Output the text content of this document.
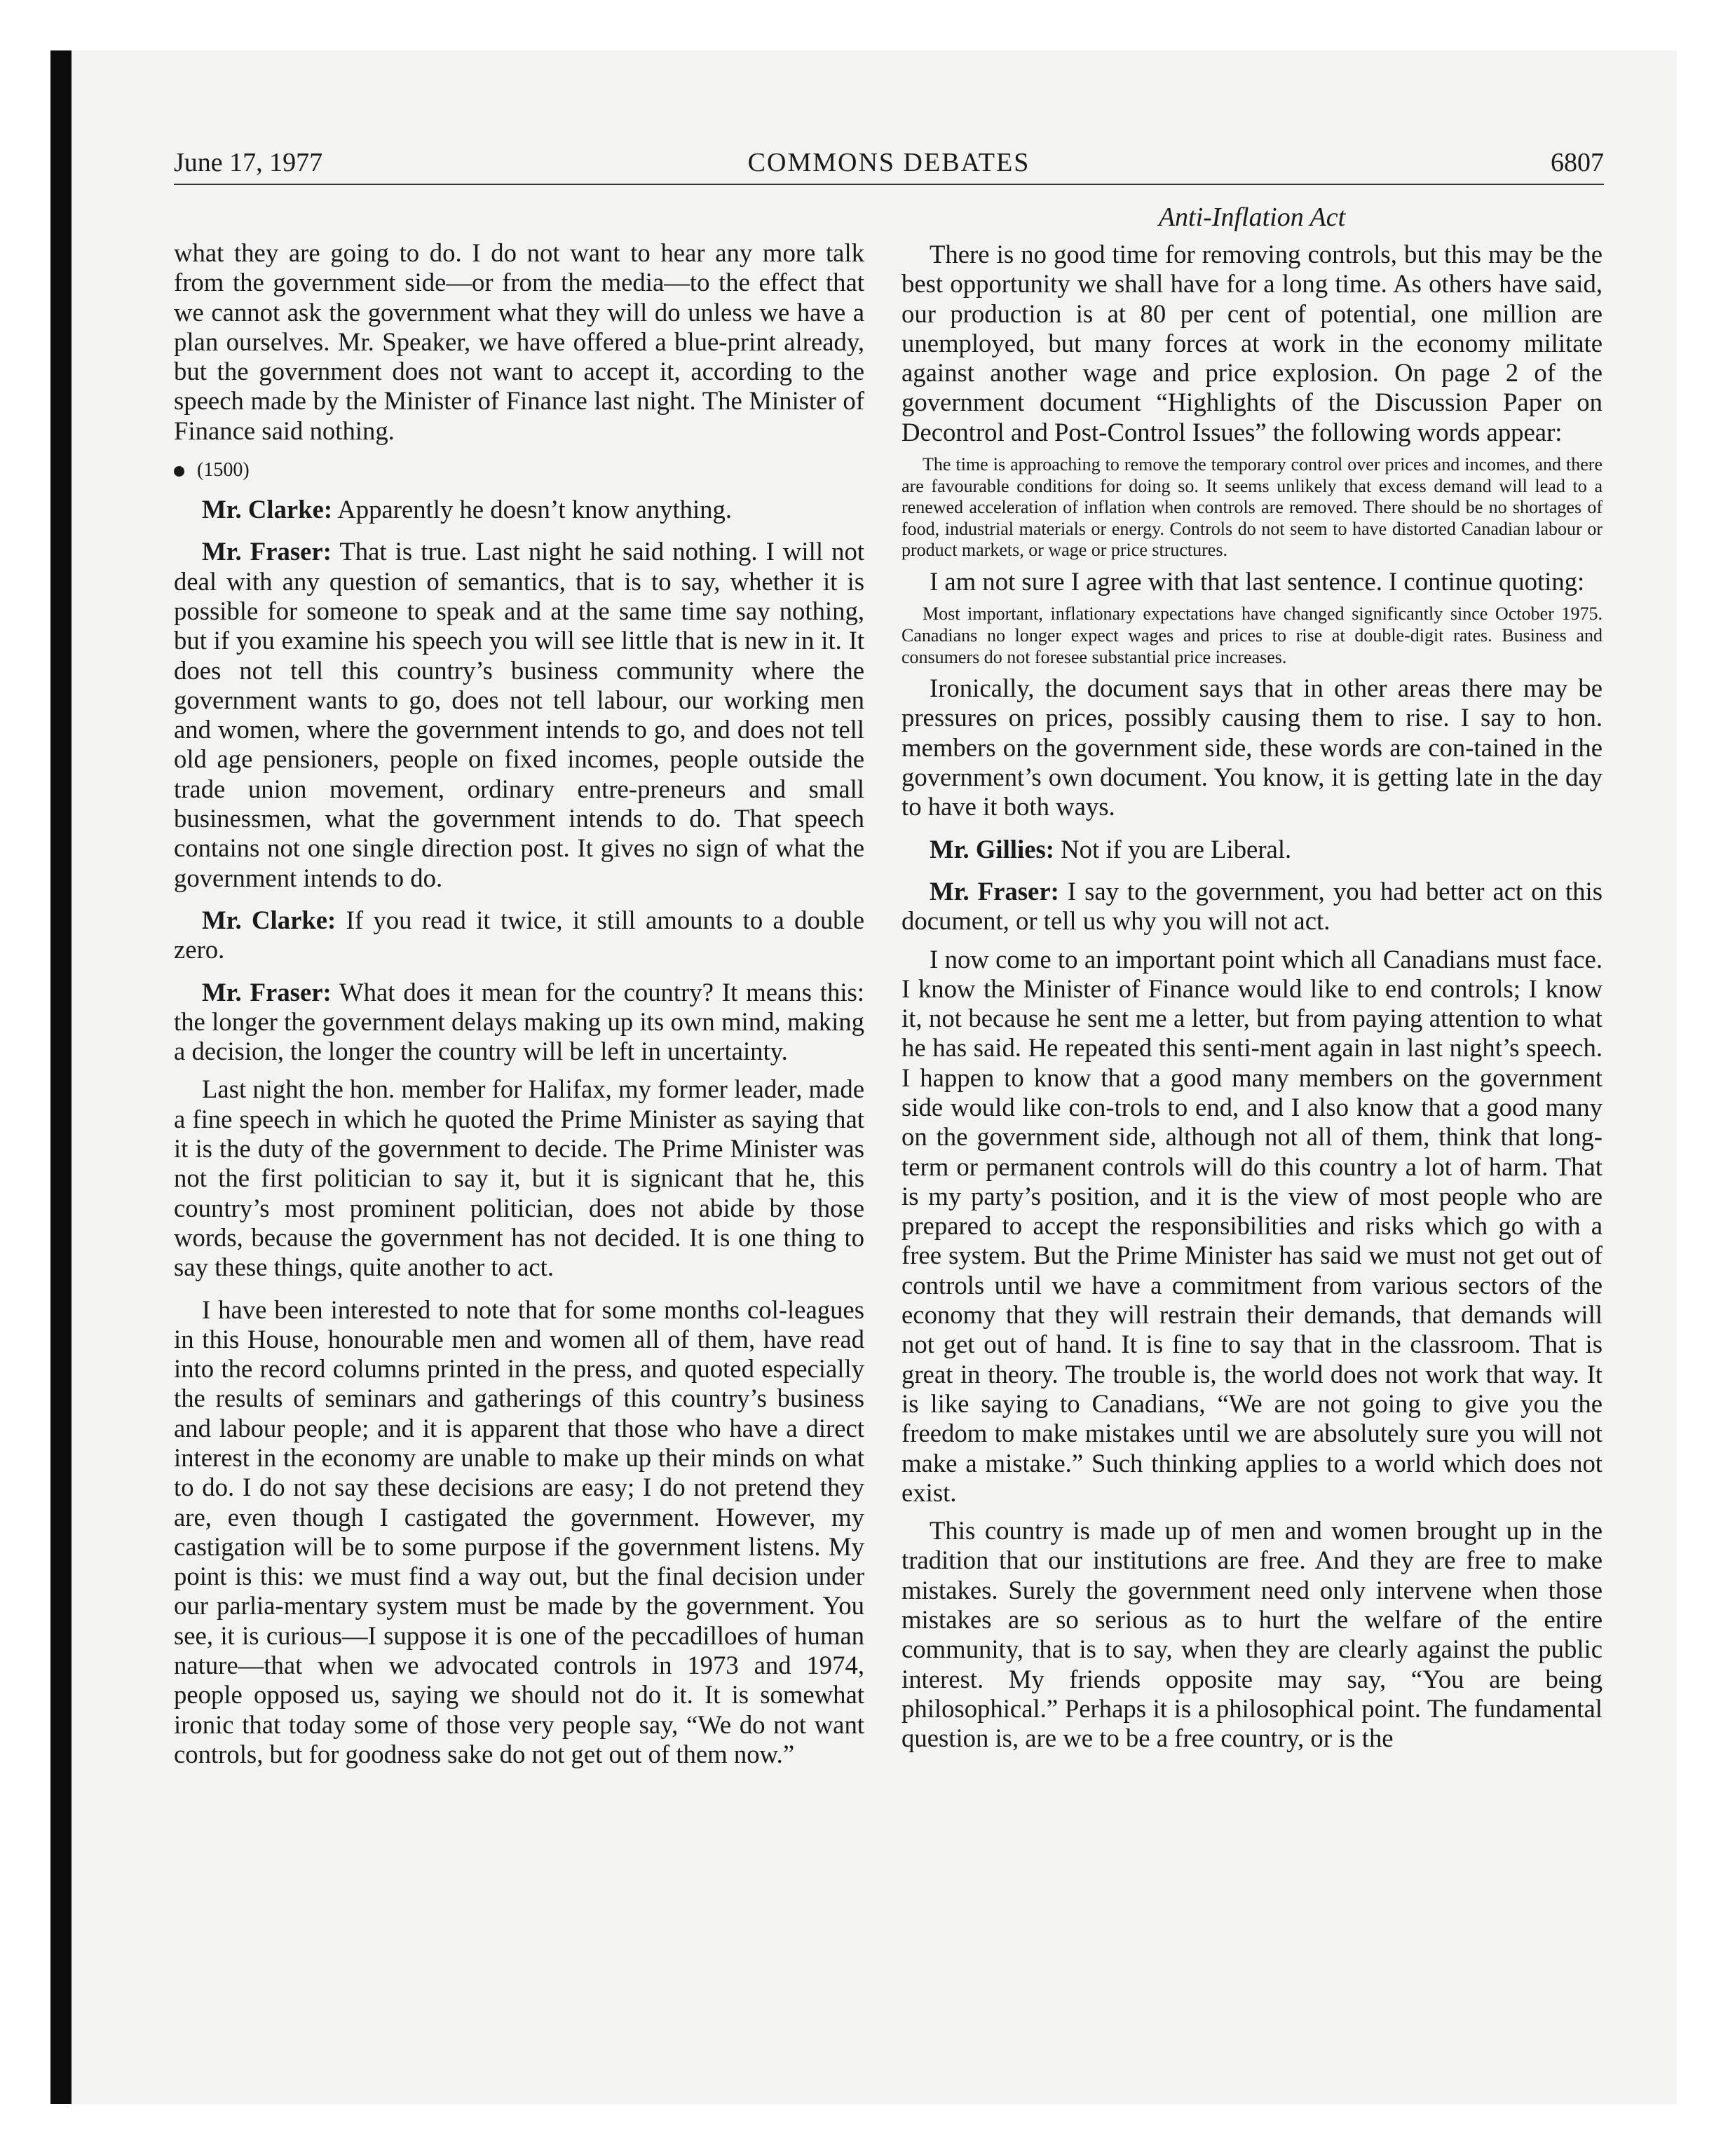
June 17, 1977	COMMONS DEBATES	6807
Anti-Inflation Act

what they are going to do. I do not want to hear any more talk from the government side—or from the media—to the effect that we cannot ask the government what they will do unless we have a plan ourselves. Mr. Speaker, we have offered a blue-print already, but the government does not want to accept it, according to the speech made by the Minister of Finance last night. The Minister of Finance said nothing.

(1500)

Mr. Clarke: Apparently he doesn’t know anything.

Mr. Fraser: That is true. Last night he said nothing. I will not deal with any question of semantics, that is to say, whether it is possible for someone to speak and at the same time say nothing, but if you examine his speech you will see little that is new in it. It does not tell this country’s business community where the government wants to go, does not tell labour, our working men and women, where the government intends to go, and does not tell old age pensioners, people on fixed incomes, people outside the trade union movement, ordinary entre-preneurs and small businessmen, what the government intends to do. That speech contains not one single direction post. It gives no sign of what the government intends to do.

Mr. Clarke: If you read it twice, it still amounts to a double zero.

Mr. Fraser: What does it mean for the country? It means this: the longer the government delays making up its own mind, making a decision, the longer the country will be left in uncertainty.

Last night the hon. member for Halifax, my former leader, made a fine speech in which he quoted the Prime Minister as saying that it is the duty of the government to decide. The Prime Minister was not the first politician to say it, but it is signicant that he, this country’s most prominent politician, does not abide by those words, because the government has not decided. It is one thing to say these things, quite another to act.

I have been interested to note that for some months col-leagues in this House, honourable men and women all of them, have read into the record columns printed in the press, and quoted especially the results of seminars and gatherings of this country’s business and labour people; and it is apparent that those who have a direct interest in the economy are unable to make up their minds on what to do. I do not say these decisions are easy; I do not pretend they are, even though I castigated the government. However, my castigation will be to some purpose if the government listens. My point is this: we must find a way out, but the final decision under our parlia-mentary system must be made by the government. You see, it is curious—I suppose it is one of the peccadilloes of human nature—that when we advocated controls in 1973 and 1974, people opposed us, saying we should not do it. It is somewhat ironic that today some of those very people say, “We do not want controls, but for goodness sake do not get out of them now.”

There is no good time for removing controls, but this may be the best opportunity we shall have for a long time. As others have said, our production is at 80 per cent of potential, one million are unemployed, but many forces at work in the economy militate against another wage and price explosion. On page 2 of the government document “Highlights of the Discussion Paper on Decontrol and Post-Control Issues” the following words appear:

The time is approaching to remove the temporary control over prices and incomes, and there are favourable conditions for doing so. It seems unlikely that excess demand will lead to a renewed acceleration of inflation when controls are removed. There should be no shortages of food, industrial materials or energy. Controls do not seem to have distorted Canadian labour or product markets, or wage or price structures.

I am not sure I agree with that last sentence. I continue quoting:

Most important, inflationary expectations have changed significantly since October 1975. Canadians no longer expect wages and prices to rise at double-digit rates. Business and consumers do not foresee substantial price increases.

Ironically, the document says that in other areas there may be pressures on prices, possibly causing them to rise. I say to hon. members on the government side, these words are con-tained in the government’s own document. You know, it is getting late in the day to have it both ways.

Mr. Gillies: Not if you are Liberal.

Mr. Fraser: I say to the government, you had better act on this document, or tell us why you will not act.

I now come to an important point which all Canadians must face. I know the Minister of Finance would like to end controls; I know it, not because he sent me a letter, but from paying attention to what he has said. He repeated this senti-ment again in last night’s speech. I happen to know that a good many members on the government side would like con-trols to end, and I also know that a good many on the government side, although not all of them, think that long-term or permanent controls will do this country a lot of harm. That is my party’s position, and it is the view of most people who are prepared to accept the responsibilities and risks which go with a free system. But the Prime Minister has said we must not get out of controls until we have a commitment from various sectors of the economy that they will restrain their demands, that demands will not get out of hand. It is fine to say that in the classroom. That is great in theory. The trouble is, the world does not work that way. It is like saying to Canadians, “We are not going to give you the freedom to make mistakes until we are absolutely sure you will not make a mistake.” Such thinking applies to a world which does not exist.

This country is made up of men and women brought up in the tradition that our institutions are free. And they are free to make mistakes. Surely the government need only intervene when those mistakes are so serious as to hurt the welfare of the entire community, that is to say, when they are clearly against the public interest. My friends opposite may say, “You are being philosophical.” Perhaps it is a philosophical point. The fundamental question is, are we to be a free country, or is the
